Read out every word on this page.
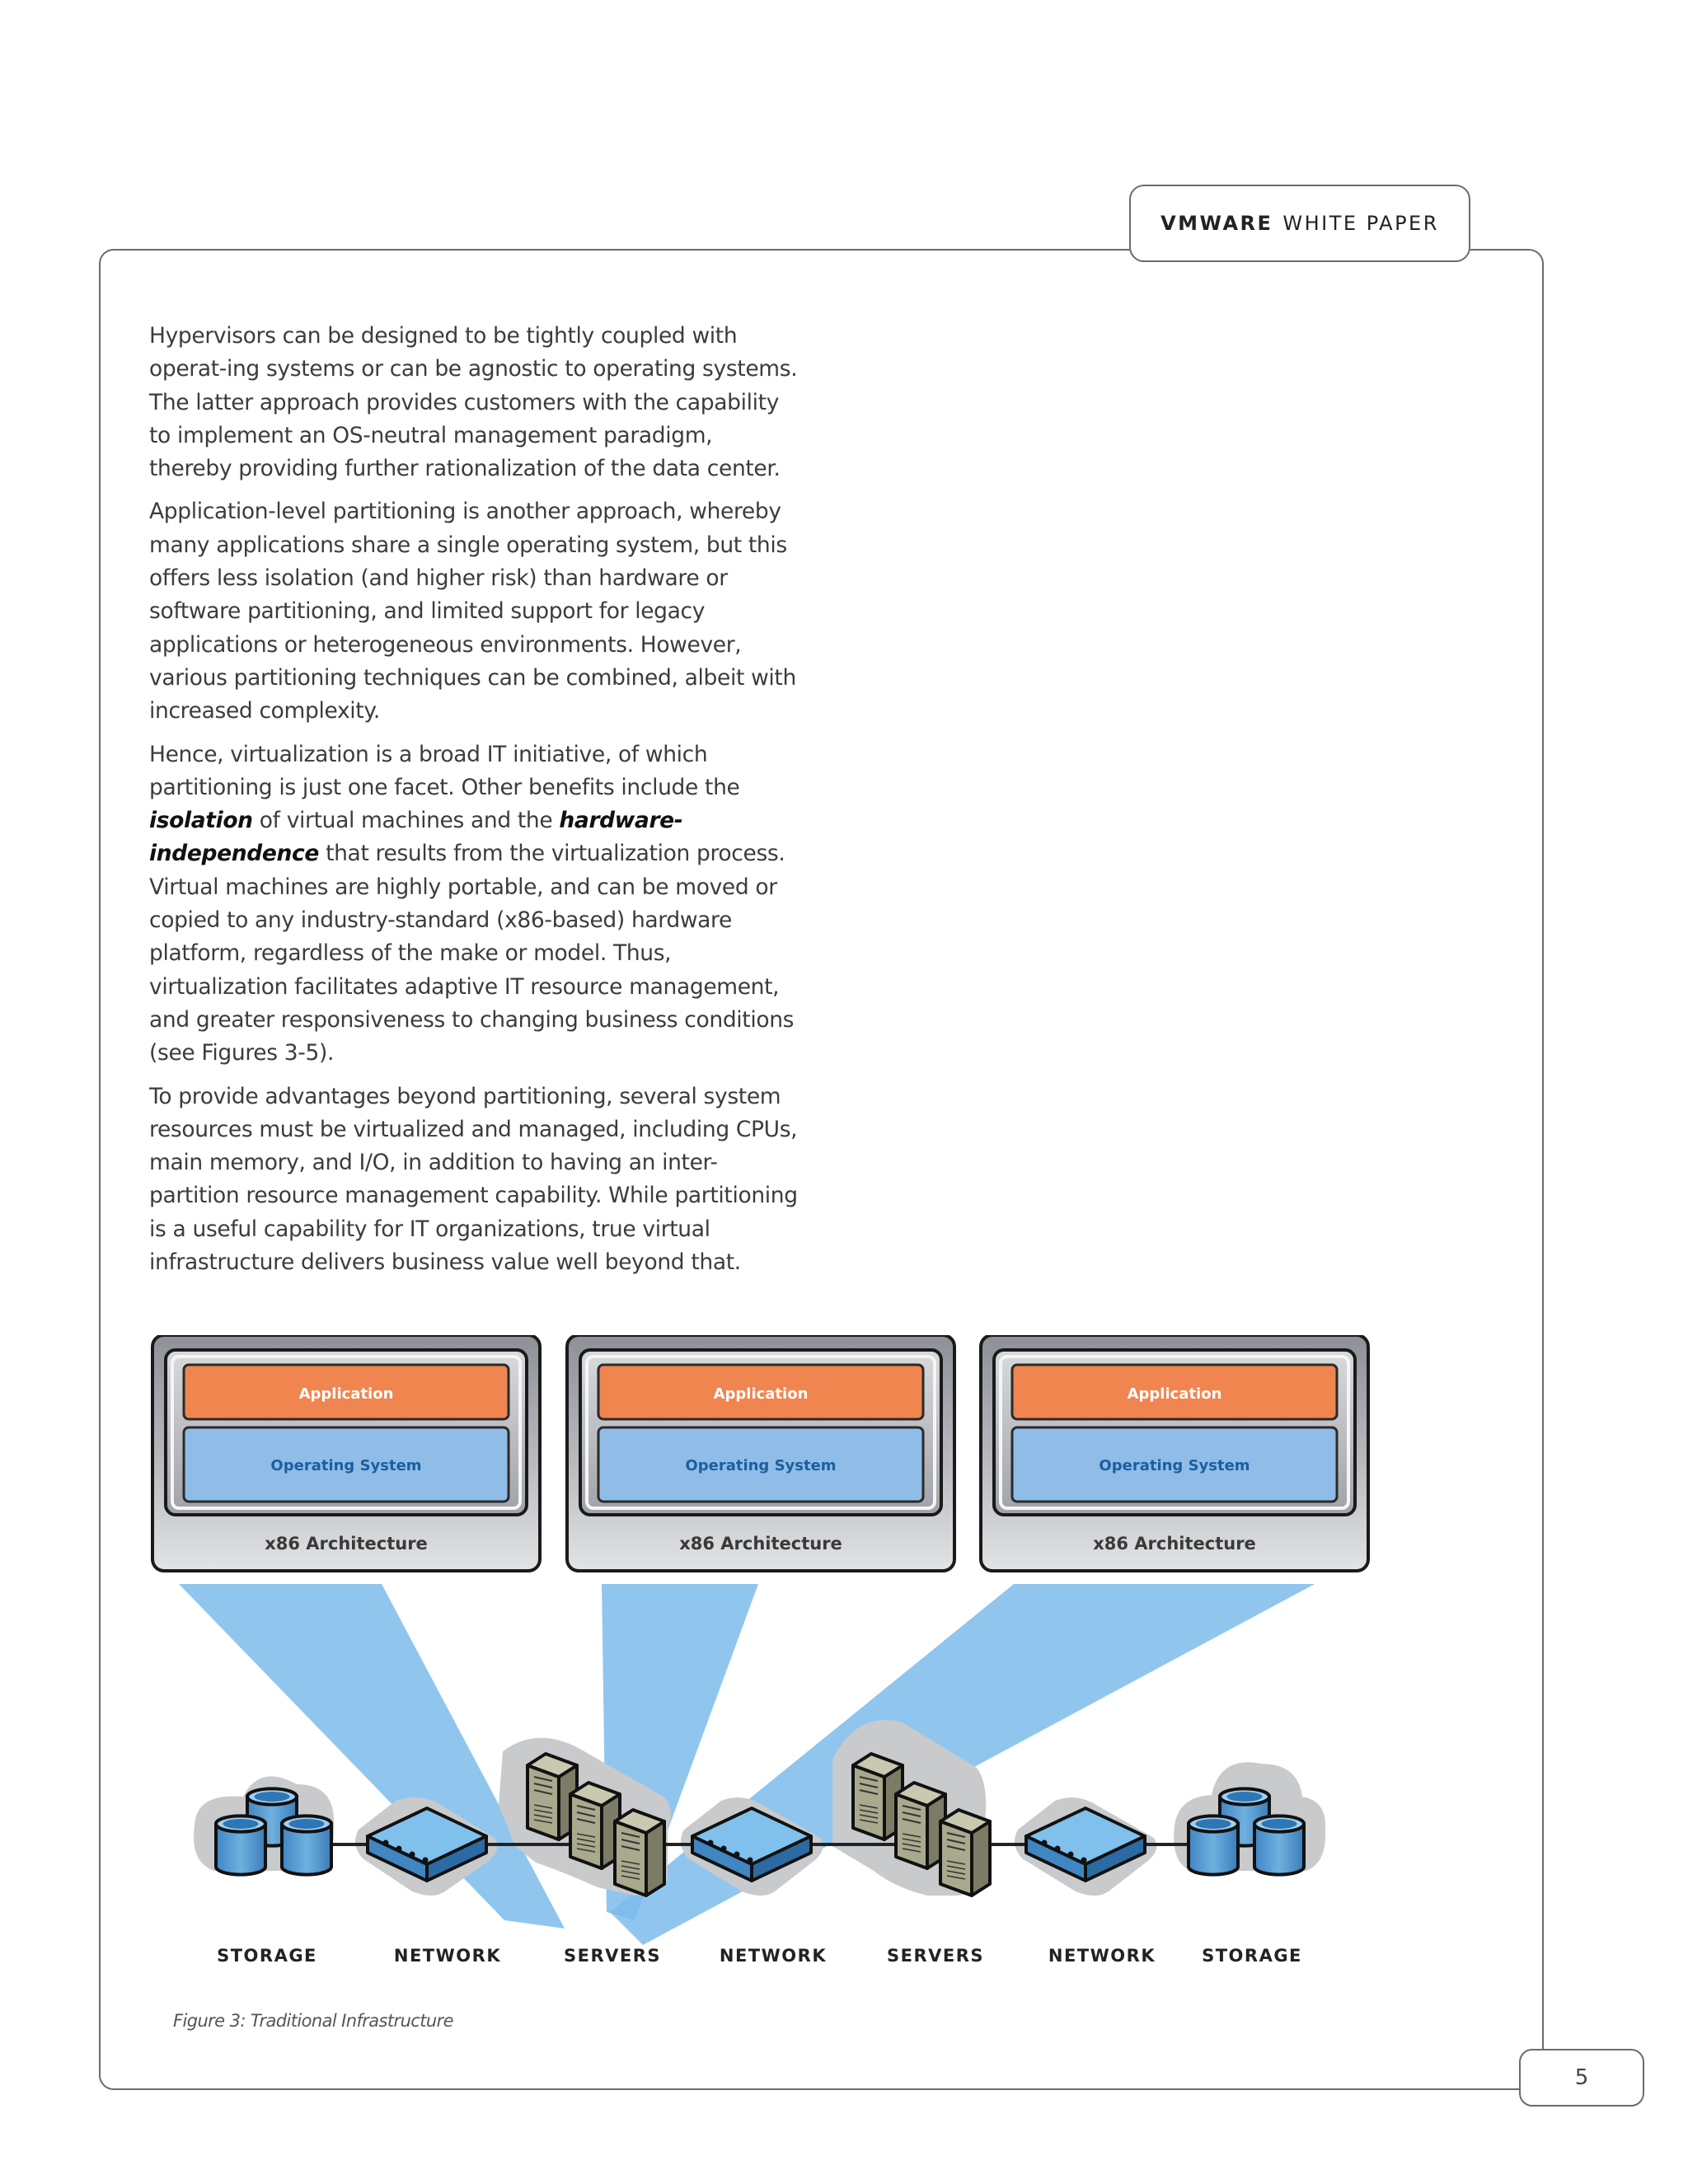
VMWARE WHITE PAPER

Hypervisors can be designed to be tightly coupled with operat-ing systems or can be agnostic to operating systems. The latter approach provides customers with the capability to implement an OS-neutral management paradigm, thereby providing further rationalization of the data center.

Application-level partitioning is another approach, whereby many applications share a single operating system, but this offers less isolation (and higher risk) than hardware or software partitioning, and limited support for legacy applications or heterogeneous environments. However, various partitioning techniques can be combined, albeit with increased complexity.

Hence, virtualization is a broad IT initiative, of which partitioning is just one facet. Other benefits include the isolation of virtual machines and the hardware-independence that results from the virtualization process. Virtual machines are highly portable, and can be moved or copied to any industry-standard (x86-based) hardware platform, regardless of the make or model. Thus, virtualization facilitates adaptive IT resource management, and greater responsiveness to changing business conditions (see Figures 3-5).

To provide advantages beyond partitioning, several system resources must be virtualized and managed, including CPUs, main memory, and I/O, in addition to having an inter-partition resource management capability. While partitioning is a useful capability for IT organizations, true virtual infrastructure delivers business value well beyond that.

Application
Operating System
x86 Architecture
Application
Operating System
x86 Architecture
Application
Operating System
x86 Architecture
STORAGE	NETWORK	SERVERS	NETWORK	SERVERS	NETWORK	STORAGE
Figure 3: Traditional Infrastructure
5
